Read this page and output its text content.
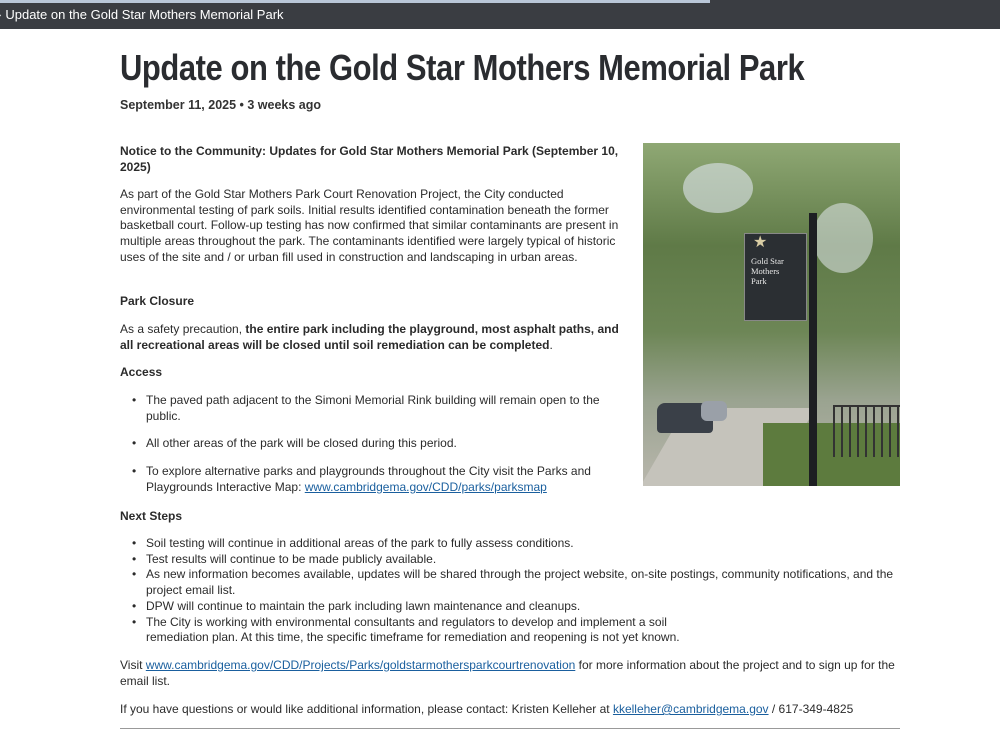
Update on the Gold Star Mothers Memorial Park
Update on the Gold Star Mothers Memorial Park
September 11, 2025 • 3 weeks ago
★
Gold Star
Mothers
Park

Notice to the Community: Updates for Gold Star Mothers Memorial Park (September 10, 2025)

As part of the Gold Star Mothers Park Court Renovation Project, the City conducted environmental testing of park soils. Initial results identified contamination beneath the former basketball court. Follow-up testing has now confirmed that similar contaminants are present in multiple areas throughout the park. The contaminants identified were largely typical of historic uses of the site and / or urban fill used in construction and landscaping in urban areas.

Park Closure

As a safety precaution, the entire park including the playground, most asphalt paths, and all recreational areas will be closed until soil remediation can be completed.

Access

• The paved path adjacent to the Simoni Memorial Rink building will remain open to the public.
• All other areas of the park will be closed during this period.
• To explore alternative parks and playgrounds throughout the City visit the Parks and Playgrounds Interactive Map: www.cambridgema.gov/CDD/parks/parksmap

Next Steps

• Soil testing will continue in additional areas of the park to fully assess conditions.
• Test results will continue to be made publicly available.
• As new information becomes available, updates will be shared through the project website, on-site postings, community notifications, and the project email list.
• DPW will continue to maintain the park including lawn maintenance and cleanups.
• The City is working with environmental consultants and regulators to develop and implement a soil remediation plan. At this time, the specific timeframe for remediation and reopening is not yet known.

Visit www.cambridgema.gov/CDD/Projects/Parks/goldstarmothersparkcourtrenovation for more information about the project and to sign up for the email list.

If you have questions or would like additional information, please contact: Kristen Kelleher at kkelleher@cambridgema.gov / 617-349-4825
